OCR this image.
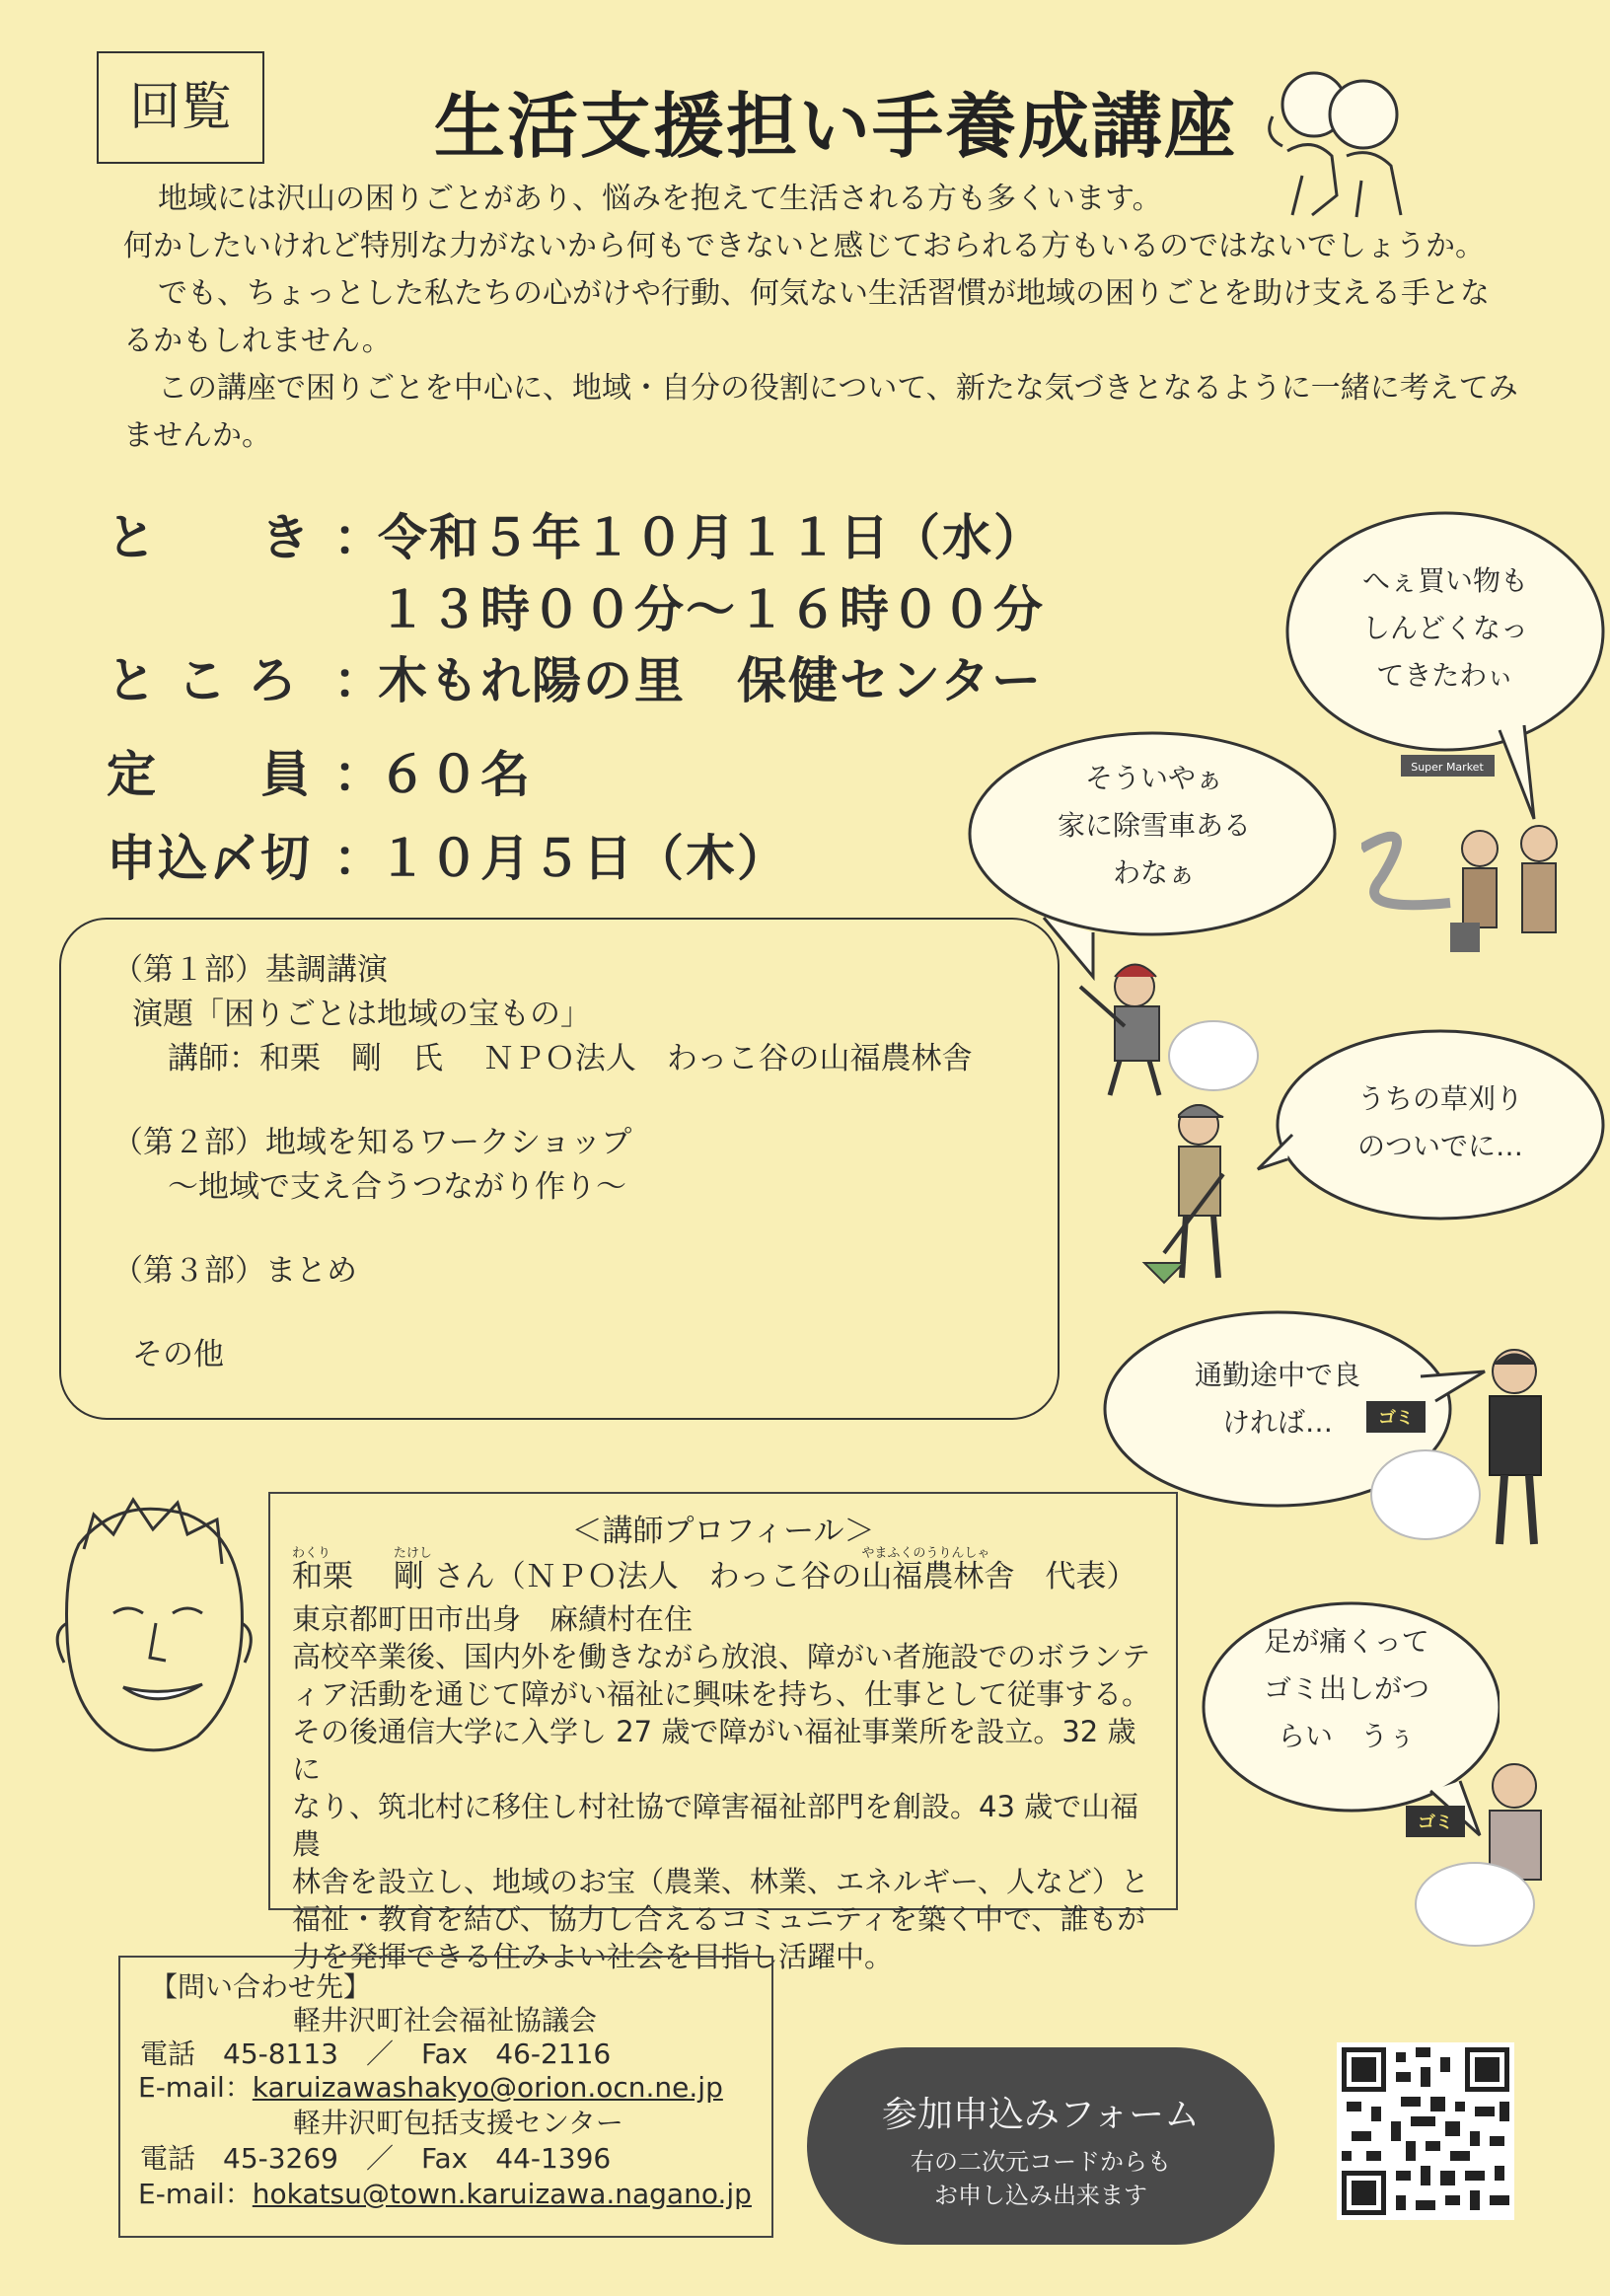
回覧	生活支援担い手養成講座

地域には沢山の困りごとがあり、悩みを抱えて生活される方も多くいます。

何かしたいけれど特別な力がないから何もできないと感じておられる方もいるのではないでしょうか。

でも、ちょっとした私たちの心がけや行動、何気ない生活習慣が地域の困りごとを助け支える手とな

るかもしれません。

この講座で困りごとを中心に、地域・自分の役割について、新たな気づきとなるように一緒に考えてみ

ませんか。

と　　き ：令和５年１０月１１日（水）
１３時００分～１６時００分
と こ ろ ：木もれ陽の里　保健センター
定　　員 ：６０名
申込〆切 ：１０月５日（木）
（第１部）基調講演
演題「困りごとは地域の宝もの」
講師：和栗　剛　氏　 ＮＰＯ法人　わっこ谷の山福農林舎
（第２部）地域を知るワークショップ
～地域で支え合うつながり作り～
（第３部）まとめ
その他
＜講師プロフィール＞
わくり
和栗　
たけし
剛 さん（ＮＰＯ法人　わっこ谷の
やまふくのうりんしゃ
山福農林舎　 代表）
東京都町田市出身　麻績村在住
高校卒業後、国内外を働きながら放浪、障がい者施設でのボランテ
ィア活動を通じて障がい福祉に興味を持ち、仕事として従事する。
その後通信大学に入学し 27 歳で障がい福祉事業所を設立。32 歳に
なり、筑北村に移住し村社協で障害福祉部門を創設。43 歳で山福農
林舎を設立し、地域のお宝（農業、林業、エネルギー、人など）と
福祉・教育を結び、協力し合えるコミュニティを築く中で、誰もが
力を発揮できる住みよい社会を目指し活躍中。
【問い合わせ先】
軽井沢町社会福祉協議会
電話　45-8113　／　Fax　46-2116
E-mail：karuizawashakyo@orion.ocn.ne.jp
軽井沢町包括支援センター
電話　45-3269　／　Fax　44-1396
E-mail：hokatsu@town.karuizawa.nagano.jp
参加申込みフォーム
右の二次元コードからも
お申し込み出来ます
へぇ買い物も
しんどくなっ
てきたわぃ
そういやぁ
家に除雪車ある
わなぁ
うちの草刈り
のついでに…
通勤途中で良
ければ…
足が痛くって
ゴミ出しがつ
らい　うぅ
Super Market
ゴミ
ゴミ
